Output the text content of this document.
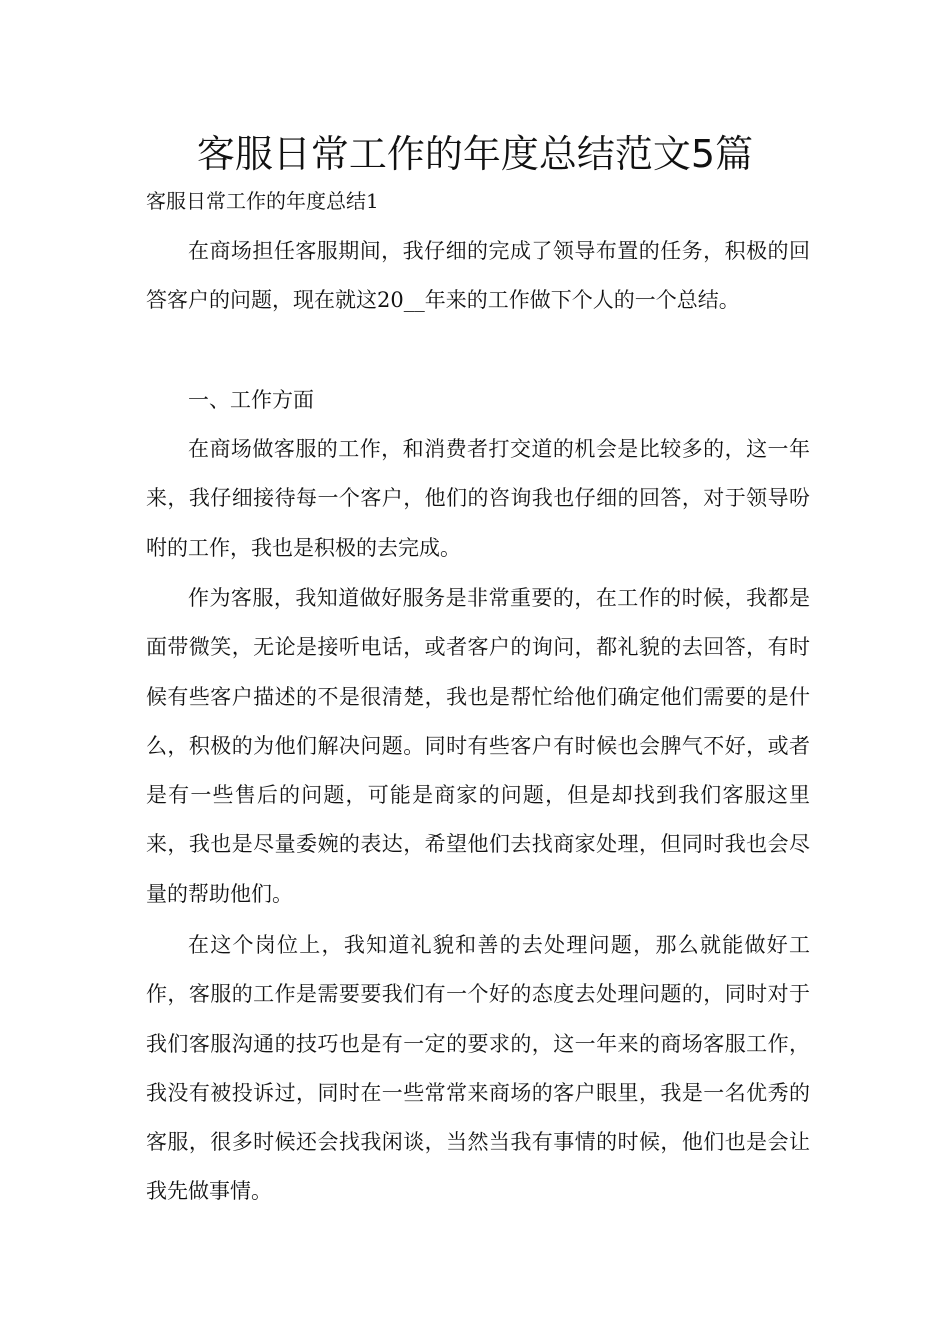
客服日常工作的年度总结范文5篇

客服日常工作的年度总结1

在商场担任客服期间，我仔细的完成了领导布置的任务，积极的回答客户的问题，现在就这20__年来的工作做下个人的一个总结。

一、工作方面

在商场做客服的工作，和消费者打交道的机会是比较多的，这一年来，我仔细接待每一个客户，他们的咨询我也仔细的回答，对于领导吩咐的工作，我也是积极的去完成。

作为客服，我知道做好服务是非常重要的，在工作的时候，我都是面带微笑，无论是接听电话，或者客户的询问，都礼貌的去回答，有时候有些客户描述的不是很清楚，我也是帮忙给他们确定他们需要的是什么，积极的为他们解决问题。同时有些客户有时候也会脾气不好，或者是有一些售后的问题，可能是商家的问题，但是却找到我们客服这里来，我也是尽量委婉的表达，希望他们去找商家处理，但同时我也会尽量的帮助他们。

在这个岗位上，我知道礼貌和善的去处理问题，那么就能做好工作，客服的工作是需要要我们有一个好的态度去处理问题的，同时对于我们客服沟通的技巧也是有一定的要求的，这一年来的商场客服工作，我没有被投诉过，同时在一些常常来商场的客户眼里，我是一名优秀的客服，很多时候还会找我闲谈，当然当我有事情的时候，他们也是会让我先做事情。
